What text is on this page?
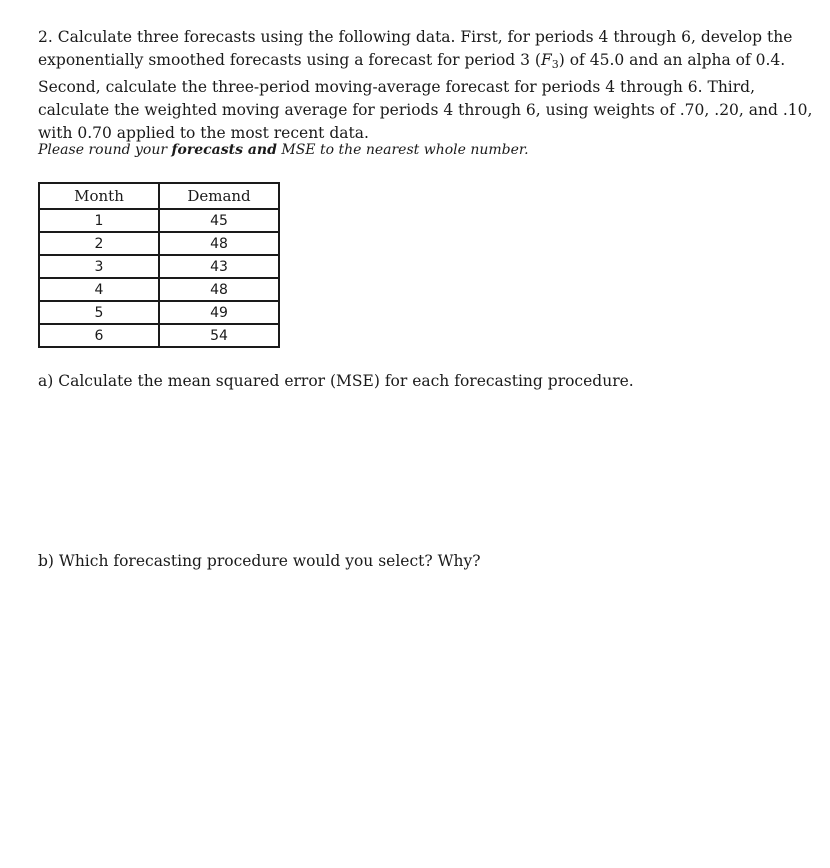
2. Calculate three forecasts using the following data. First, for periods 4 through 6, develop the exponentially smoothed forecasts using a forecast for period 3 $(F_3)$ of 45.0 and an alpha of 0.4. Second, calculate the three-period moving-average forecast for periods 4 through 6. Third, calculate the weighted moving average for periods 4 through 6, using weights of .70, .20, and .10, with 0.70 applied to the most recent data.

Please round your forecasts and MSE to the nearest whole number.

Month	Demand
1	45
2	48
3	43
4	48
5	49
6	54

a) Calculate the mean squared error (MSE) for each forecasting procedure.

b) Which forecasting procedure would you select? Why?
